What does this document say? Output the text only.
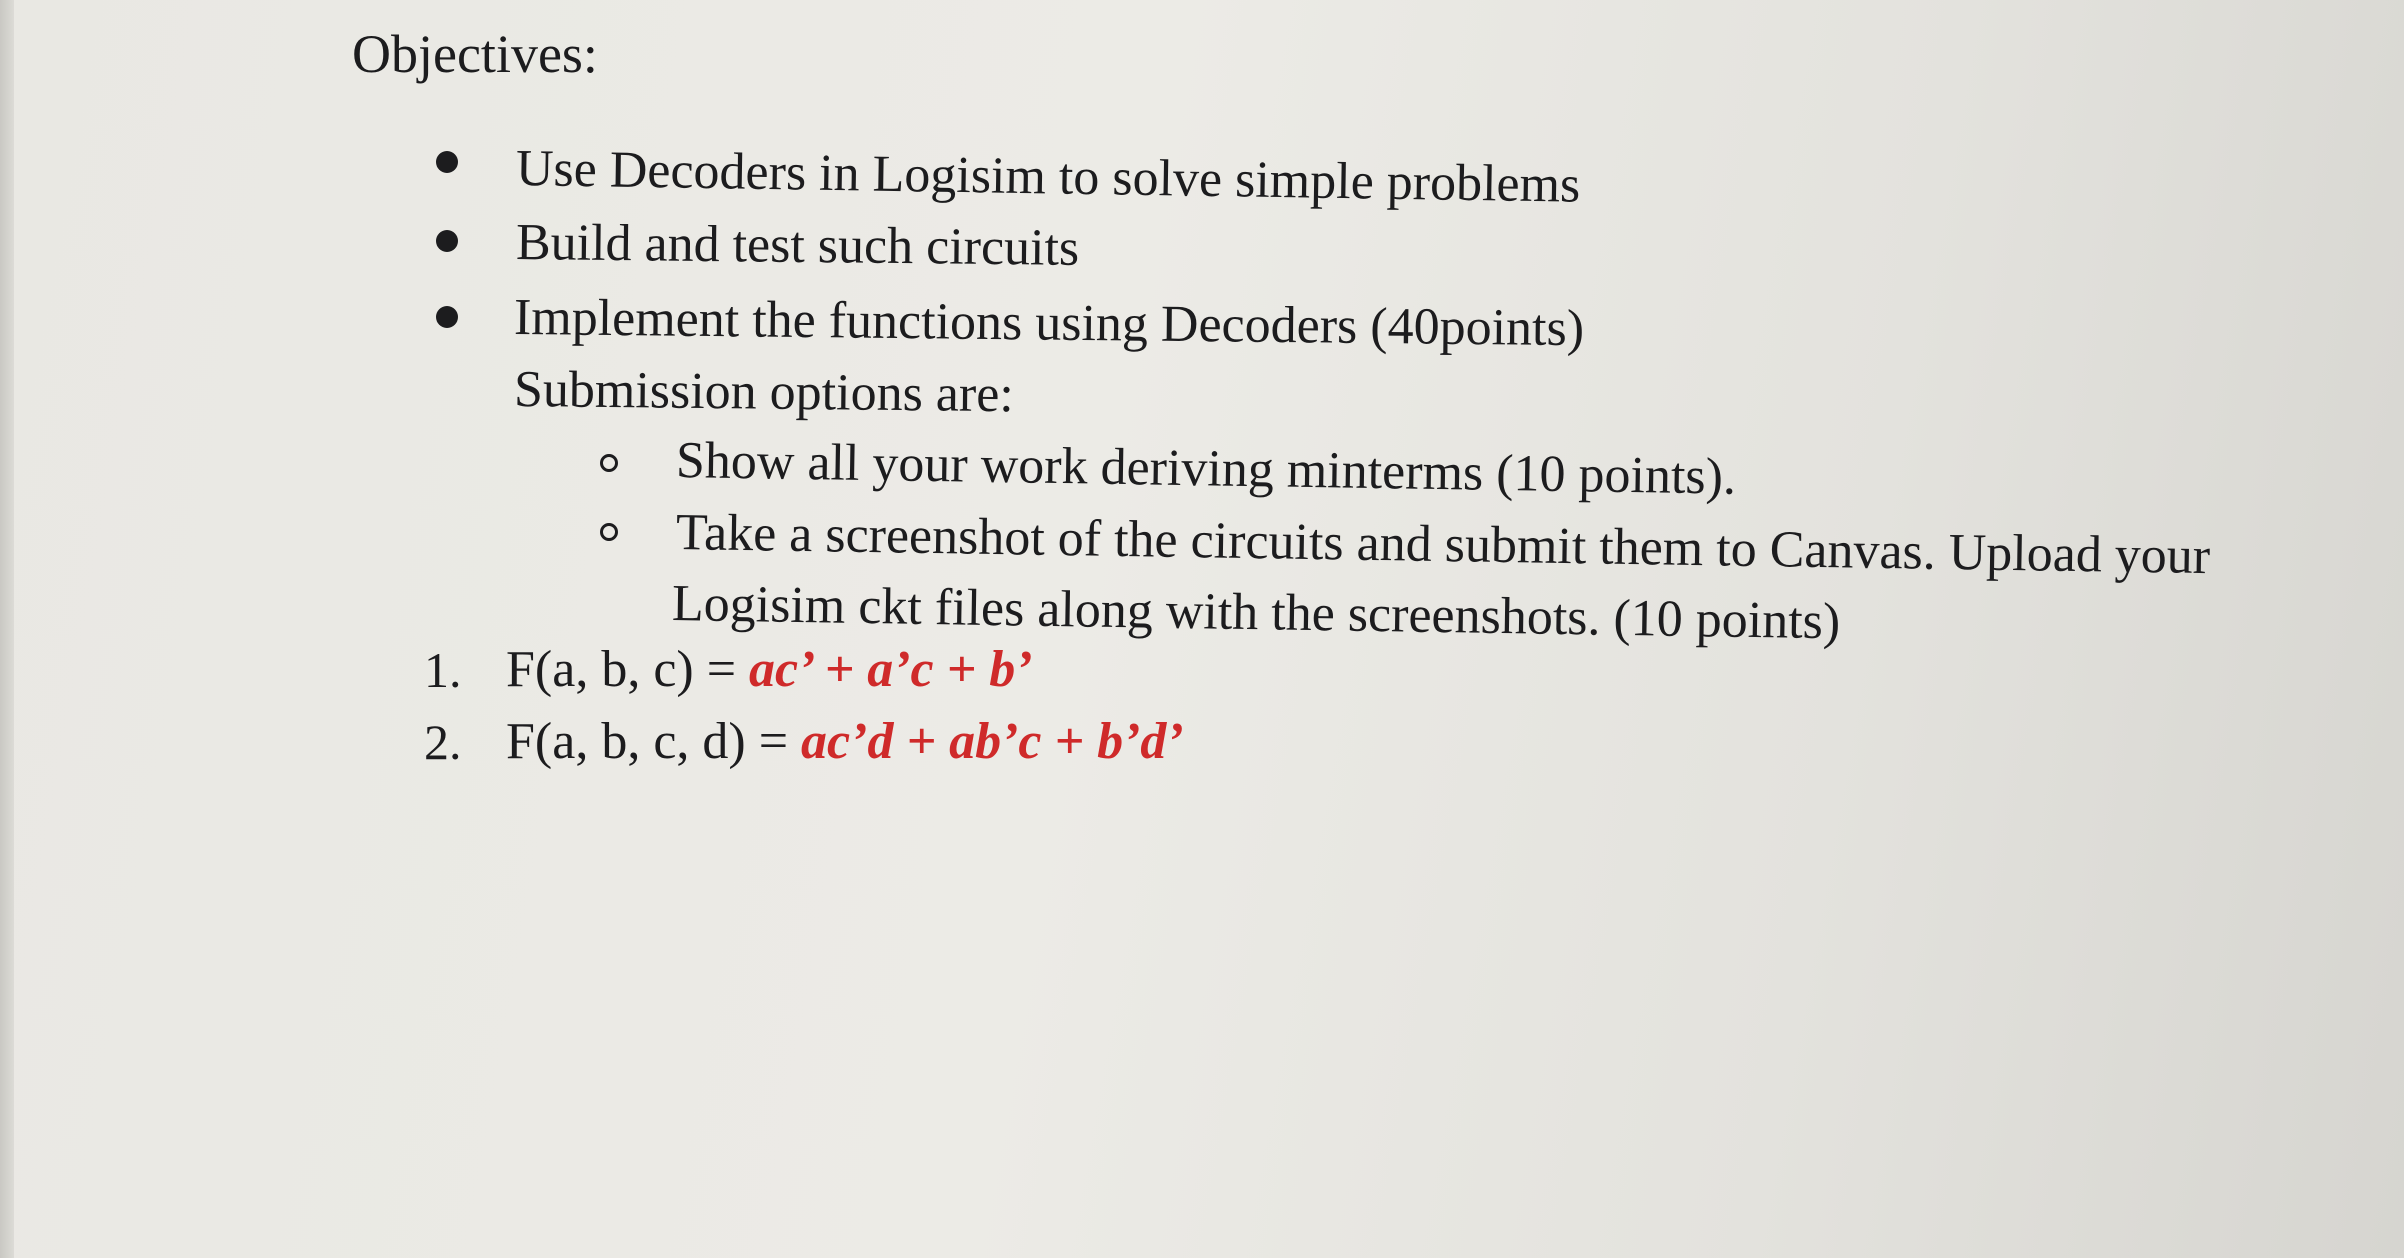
Objectives:
Use Decoders in Logisim to solve simple problems
Build and test such circuits
Implement the functions using Decoders (40points)
Submission options are:
Show all your work deriving minterms (10 points).
Take a screenshot of the circuits and submit them to Canvas. Upload your
Logisim ckt files along with the screenshots. (10 points)
1. F(a, b, c) = ac’ + a’c + b’
2. F(a, b, c, d) = ac’d + ab’c + b’d’
